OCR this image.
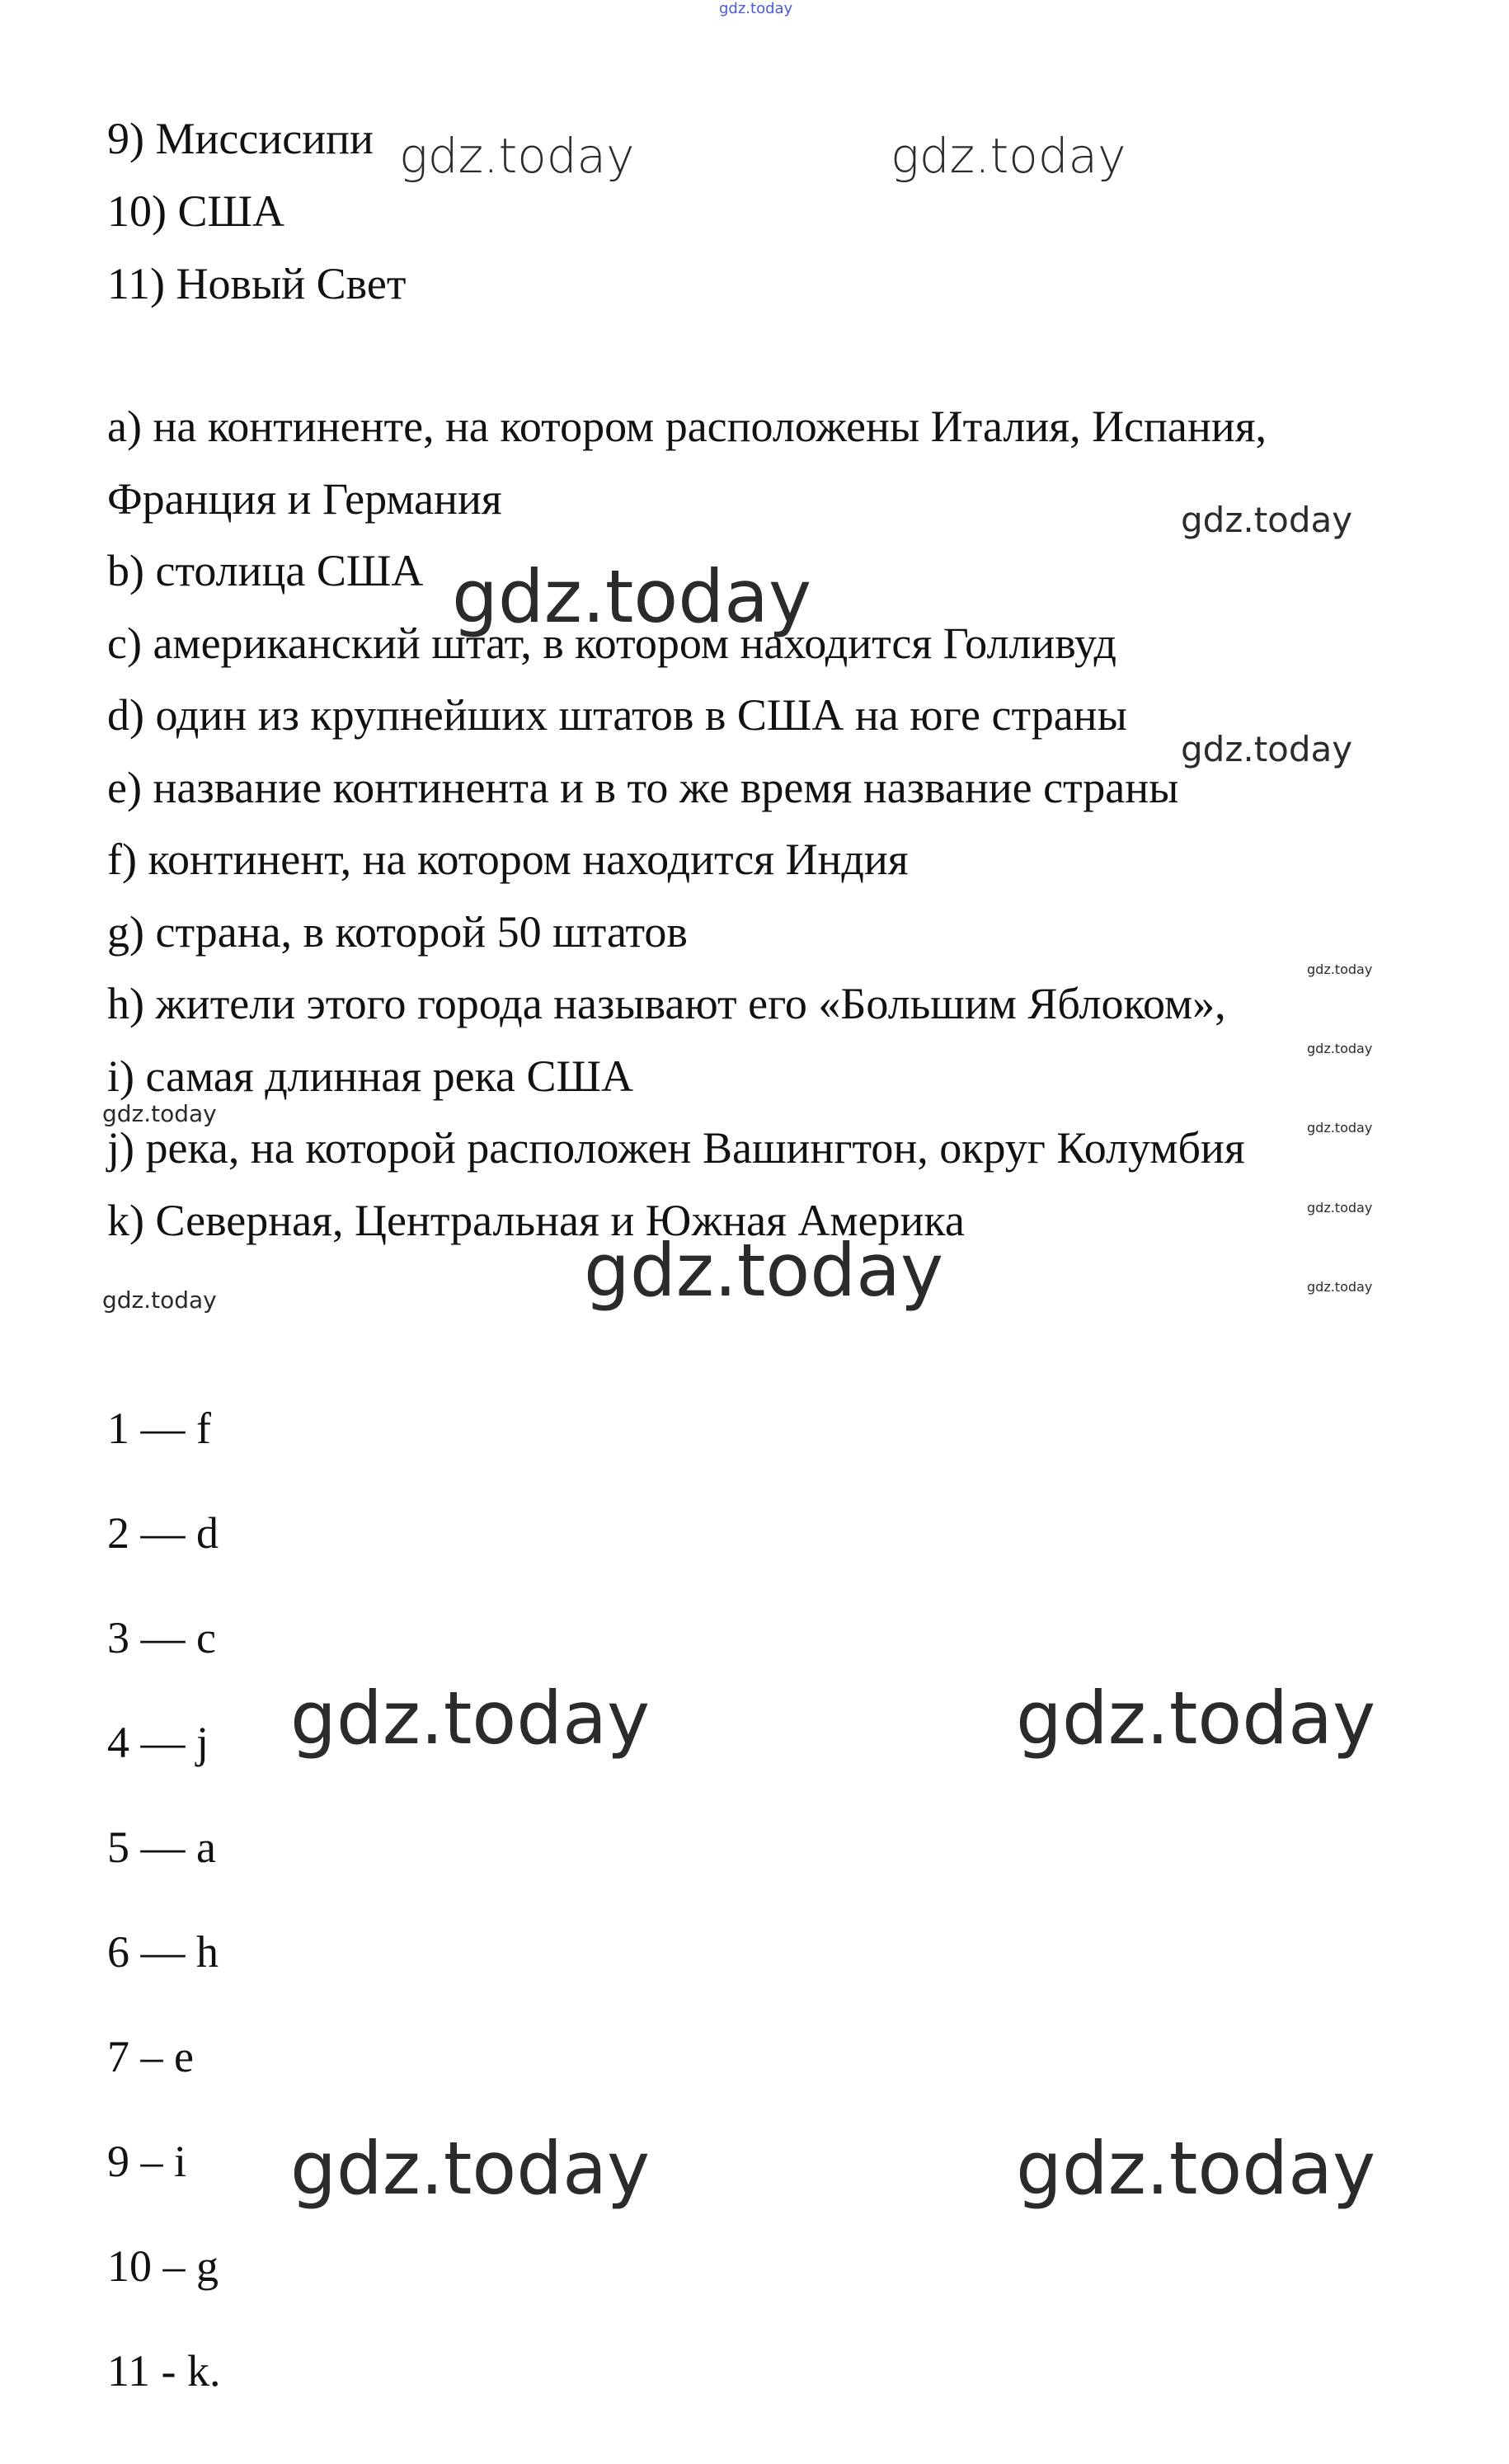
gdz.today
9) Миссисипи
10) США
11) Новый Свет
a) на континенте, на котором расположены Италия, Испания,
Франция и Германия
b) столица США
c) американский штат, в котором находится Голливуд
d) один из крупнейших штатов в США на юге страны
e) название континента и в то же время название страны
f) континент, на котором находится Индия
g) страна, в которой 50 штатов
h) жители этого города называют его «Большим Яблоком»,
i) самая длинная река США
j) река, на которой расположен Вашингтон, округ Колумбия
k) Северная, Центральная и Южная Америка
1 — f
2 — d
3 — c
4 — j
5 — a
6 — h
7 – e
9 – i
10 – g
11 - k.
gdz.today	gdz.today
gdz.today
gdz.today
gdz.today
gdz.today
gdz.today
gdz.today
gdz.today
gdz.today
gdz.today	gdz.today
gdz.today
gdz.today	gdz.today
gdz.today	gdz.today
